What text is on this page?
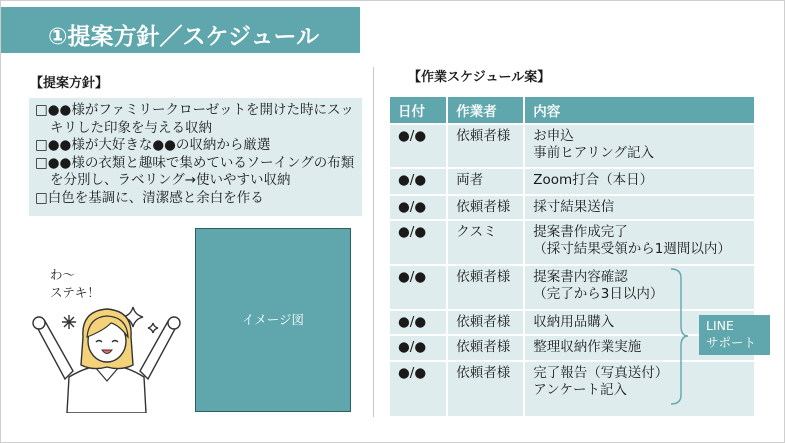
①提案方針／スケジュール
【提案方針】
□●●様がファミリークローゼットを開けた時にスッキリした印象を与える収納
□●●様が大好きな●●の収納から厳選
□●●様の衣類と趣味で集めているソーイングの布類を分別し、ラベリング→使いやすい収納
□白色を基調に、清潔感と余白を作る
わ～
ステキ！
イメージ図
【作業スケジュール案】
日付	作業者	内容
●/●	依頼者様	お申込
事前ヒアリング記入
●/●	両者	Zoom打合（本日）
●/●	依頼者様	採寸結果送信
●/●	クスミ	提案書作成完了
（採寸結果受領から1週間以内）
●/●	依頼者様	提案書内容確認
（完了から3日以内）
●/●	依頼者様	収納用品購入
●/●	依頼者様	整理収納作業実施
●/●	依頼者様	完了報告（写真送付）
アンケート記入
LINE
サポート
